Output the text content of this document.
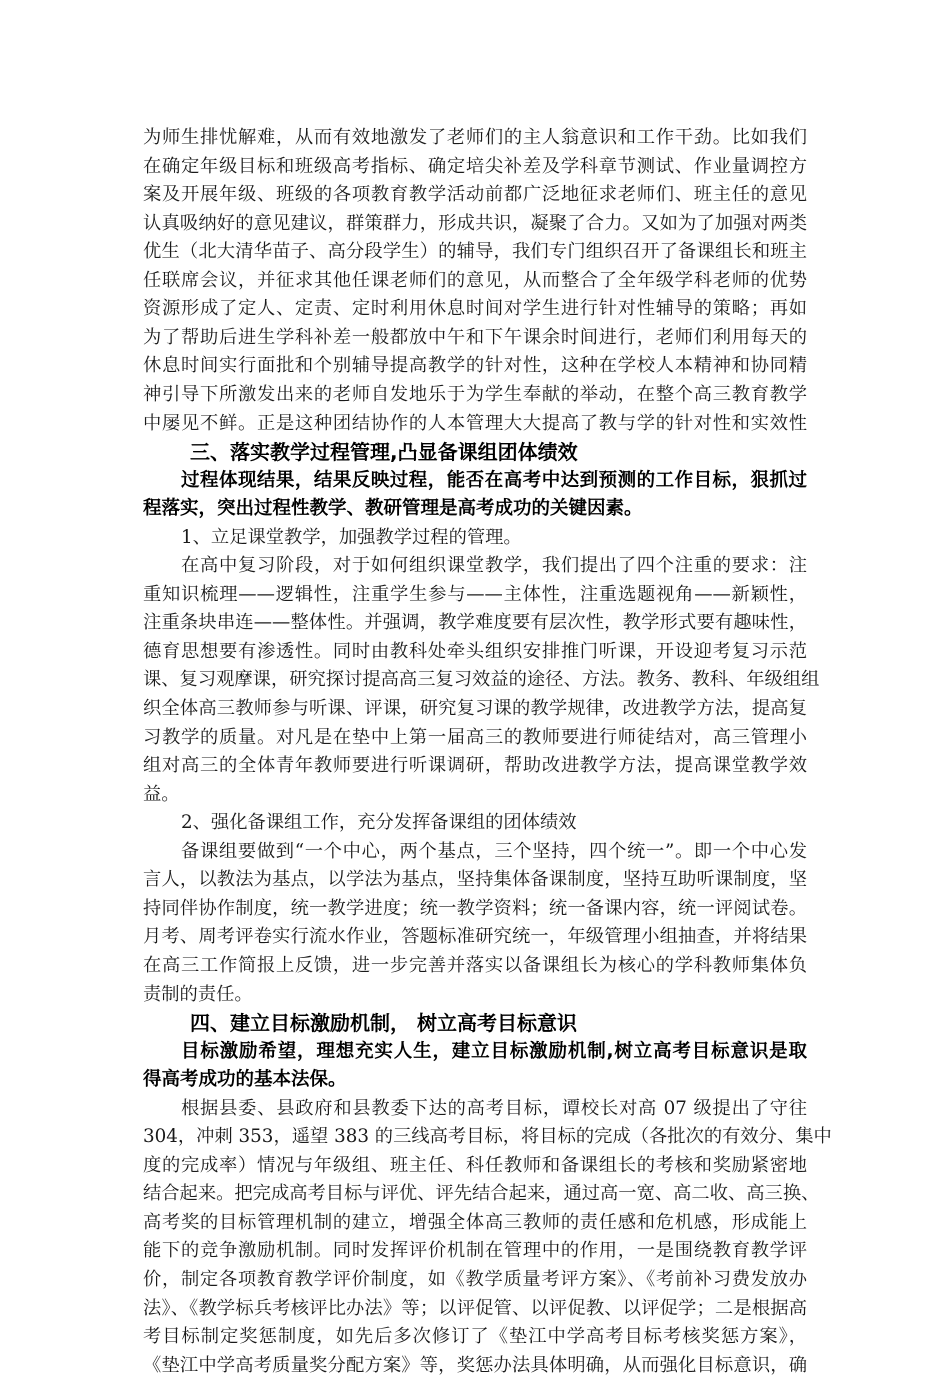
为师生排忧解难，从而有效地激发了老师们的主人翁意识和工作干劲。比如我们

在确定年级目标和班级高考指标、确定培尖补差及学科章节测试、作业量调控方

案及开展年级、班级的各项教育教学活动前都广泛地征求老师们、班主任的意见

认真吸纳好的意见建议，群策群力，形成共识，凝聚了合力。又如为了加强对两类

优生（北大清华苗子、高分段学生）的辅导，我们专门组织召开了备课组长和班主

任联席会议，并征求其他任课老师们的意见，从而整合了全年级学科老师的优势

资源形成了定人、定责、定时利用休息时间对学生进行针对性辅导的策略；再如

为了帮助后进生学科补差一般都放中午和下午课余时间进行，老师们利用每天的

休息时间实行面批和个别辅导提高教学的针对性，这种在学校人本精神和协同精

神引导下所激发出来的老师自发地乐于为学生奉献的举动，在整个高三教育教学

中屡见不鲜。正是这种团结协作的人本管理大大提高了教与学的针对性和实效性

三、落实教学过程管理,凸显备课组团体绩效

过程体现结果，结果反映过程，能否在高考中达到预测的工作目标，狠抓过

程落实，突出过程性教学、教研管理是高考成功的关键因素。

1、立足课堂教学，加强教学过程的管理。

在高中复习阶段，对于如何组织课堂教学，我们提出了四个注重的要求：注

重知识梳理——逻辑性，注重学生参与——主体性，注重选题视角——新颖性，

注重条块串连——整体性。并强调，教学难度要有层次性，教学形式要有趣味性，

德育思想要有渗透性。同时由教科处牵头组织安排推门听课，开设迎考复习示范

课、复习观摩课，研究探讨提高高三复习效益的途径、方法。教务、教科、年级组组

织全体高三教师参与听课、评课，研究复习课的教学规律，改进教学方法，提高复

习教学的质量。对凡是在垫中上第一届高三的教师要进行师徒结对，高三管理小

组对高三的全体青年教师要进行听课调研，帮助改进教学方法，提高课堂教学效

益。

2、强化备课组工作，充分发挥备课组的团体绩效

备课组要做到“一个中心，两个基点，三个坚持，四个统一”。即一个中心发

言人，以教法为基点，以学法为基点，坚持集体备课制度，坚持互助听课制度，坚

持同伴协作制度，统一教学进度；统一教学资料；统一备课内容，统一评阅试卷。

月考、周考评卷实行流水作业，答题标准研究统一，年级管理小组抽查，并将结果

在高三工作简报上反馈，进一步完善并落实以备课组长为核心的学科教师集体负

责制的责任。

四、建立目标激励机制， 树立高考目标意识

目标激励希望，理想充实人生，建立目标激励机制,树立高考目标意识是取

得高考成功的基本法保。

根据县委、县政府和县教委下达的高考目标，谭校长对高 07 级提出了守往

304，冲刺 353，遥望 383 的三线高考目标，将目标的完成（各批次的有效分、集中

度的完成率）情况与年级组、班主任、科任教师和备课组长的考核和奖励紧密地

结合起来。把完成高考目标与评优、评先结合起来，通过高一宽、高二收、高三换、

高考奖的目标管理机制的建立，增强全体高三教师的责任感和危机感，形成能上

能下的竞争激励机制。同时发挥评价机制在管理中的作用，一是围绕教育教学评

价，制定各项教育教学评价制度，如《教学质量考评方案》、《考前补习费发放办

法》、《教学标兵考核评比办法》等；以评促管、以评促教、以评促学；二是根据高

考目标制定奖惩制度，如先后多次修订了《垫江中学高考目标考核奖惩方案》，

《垫江中学高考质量奖分配方案》等，奖惩办法具体明确，从而强化目标意识，确
